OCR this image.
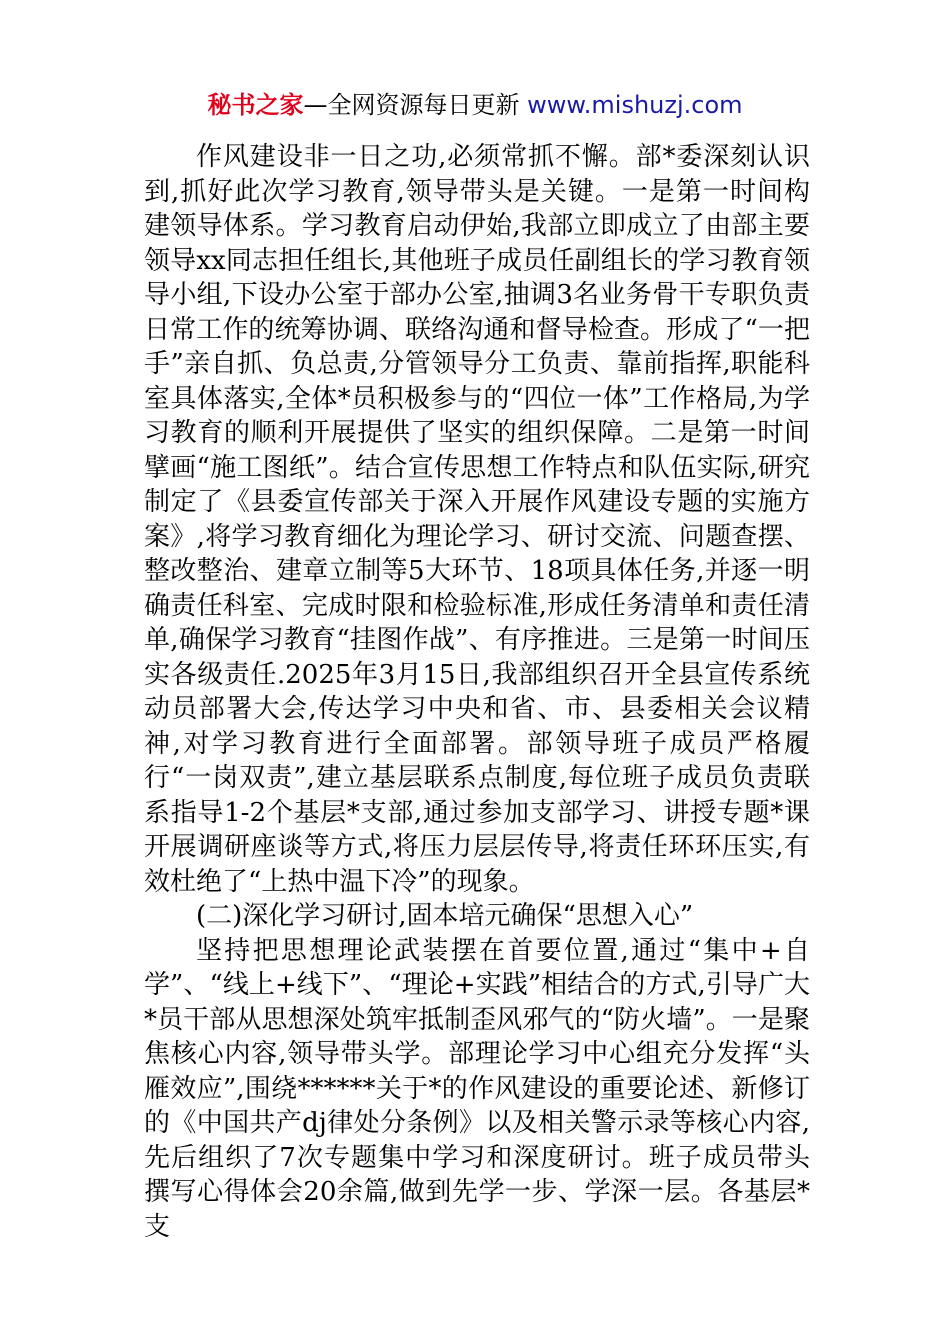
秘书之家—全网资源每日更新 www.mishuzj.com

作风建设非一日之功,必须常抓不懈。部*委深刻认识到,抓好此次学习教育,领导带头是关键。一是第一时间构建领导体系。学习教育启动伊始,我部立即成立了由部主要领导xx同志担任组长,其他班子成员任副组长的学习教育领导小组,下设办公室于部办公室,抽调3名业务骨干专职负责日常工作的统筹协调、联络沟通和督导检查。形成了“一把手”亲自抓、负总责,分管领导分工负责、靠前指挥,职能科室具体落实,全体*员积极参与的“四位一体”工作格局,为学习教育的顺利开展提供了坚实的组织保障。二是第一时间擘画“施工图纸”。结合宣传思想工作特点和队伍实际,研究制定了《县委宣传部关于深入开展作风建设专题的实施方案》,将学习教育细化为理论学习、研讨交流、问题查摆、整改整治、建章立制等5大环节、18项具体任务,并逐一明确责任科室、完成时限和检验标准,形成任务清单和责任清单,确保学习教育“挂图作战”、有序推进。三是第一时间压实各级责任.2025年3月15日,我部组织召开全县宣传系统动员部署大会,传达学习中央和省、市、县委相关会议精神,对学习教育进行全面部署。部领导班子成员严格履行“一岗双责”,建立基层联系点制度,每位班子成员负责联系指导1-2个基层*支部,通过参加支部学习、讲授专题*课开展调研座谈等方式,将压力层层传导,将责任环环压实,有效杜绝了“上热中温下冷”的现象。

(二)深化学习研讨,固本培元确保“思想入心”

坚持把思想理论武装摆在首要位置,通过“集中+自学”、“线上+线下”、“理论+实践”相结合的方式,引导广大*员干部从思想深处筑牢抵制歪风邪气的“防火墙”。一是聚焦核心内容,领导带头学。部理论学习中心组充分发挥“头雁效应”,围绕******关于*的作风建设的重要论述、新修订的《中国共产dj律处分条例》以及相关警示录等核心内容,先后组织了7次专题集中学习和深度研讨。班子成员带头撰写心得体会20余篇,做到先学一步、学深一层。各基层*支
